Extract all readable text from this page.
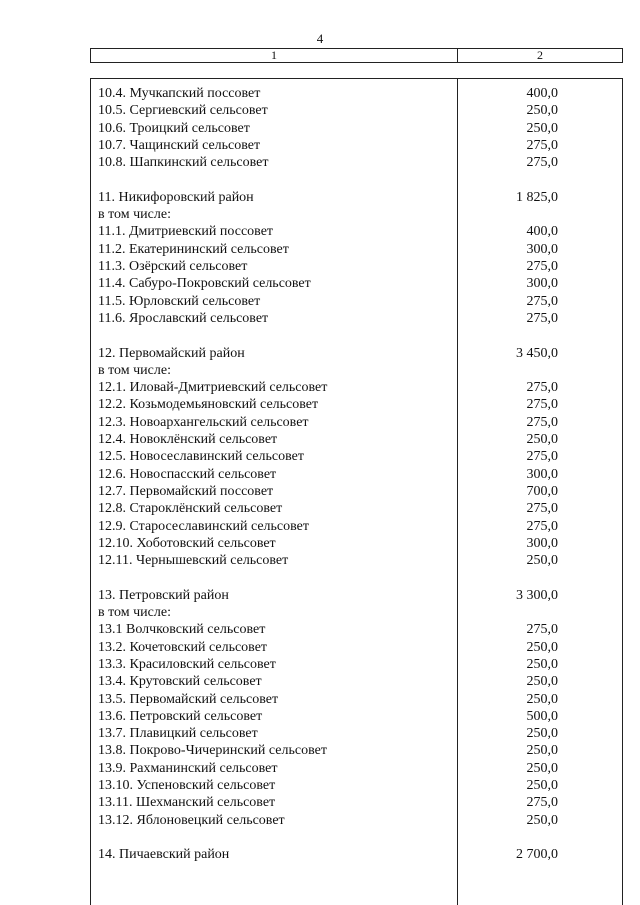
4
1	2
10.4. Мучкапский поссовет	400,0
10.5. Сергиевский сельсовет	250,0
10.6. Троицкий сельсовет	250,0
10.7. Чащинский сельсовет	275,0
10.8. Шапкинский сельсовет	275,0
11. Никифоровский район	1 825,0
в том числе:
11.1. Дмитриевский поссовет	400,0
11.2. Екатерининский сельсовет	300,0
11.3. Озёрский сельсовет	275,0
11.4. Сабуро-Покровский сельсовет	300,0
11.5. Юрловский сельсовет	275,0
11.6. Ярославский сельсовет	275,0
12. Первомайский район	3 450,0
в том числе:
12.1. Иловай-Дмитриевский сельсовет	275,0
12.2. Козьмодемьяновский сельсовет	275,0
12.3. Новоархангельский сельсовет	275,0
12.4. Новоклёнский сельсовет	250,0
12.5. Новосеславинский сельсовет	275,0
12.6. Новоспасский сельсовет	300,0
12.7. Первомайский поссовет	700,0
12.8. Староклёнский сельсовет	275,0
12.9. Старосеславинский сельсовет	275,0
12.10. Хоботовский сельсовет	300,0
12.11. Чернышевский сельсовет	250,0
13. Петровский район	3 300,0
в том числе:
13.1 Волчковский сельсовет	275,0
13.2. Кочетовский сельсовет	250,0
13.3. Красиловский сельсовет	250,0
13.4. Крутовский сельсовет	250,0
13.5. Первомайский сельсовет	250,0
13.6. Петровский сельсовет	500,0
13.7. Плавицкий сельсовет	250,0
13.8. Покрово-Чичеринский сельсовет	250,0
13.9. Рахманинский сельсовет	250,0
13.10. Успеновский сельсовет	250,0
13.11. Шехманский сельсовет	275,0
13.12. Яблоновецкий сельсовет	250,0
14. Пичаевский район	2 700,0
